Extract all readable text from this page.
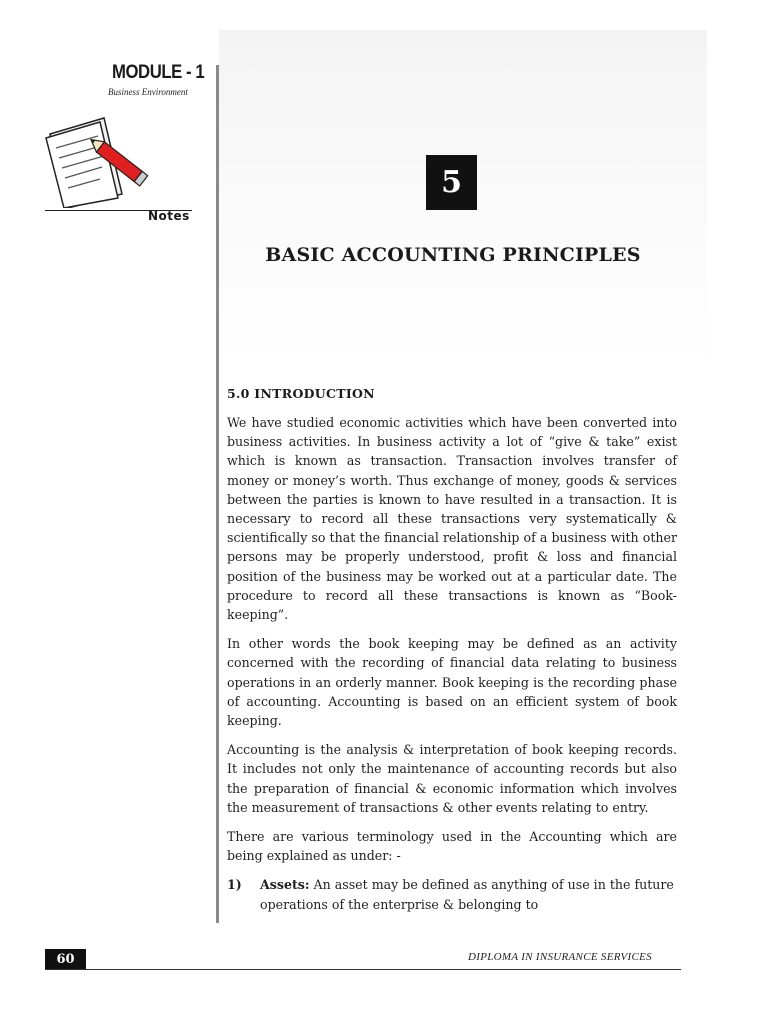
MODULE - 1
Business Environment
Notes
5
BASIC ACCOUNTING PRINCIPLES
5.0 INTRODUCTION

We have studied economic activities which have been converted into business activities. In business activity a lot of “give & take” exist which is known as transaction. Transaction involves transfer of money or money’s worth. Thus exchange of money, goods & services between the parties is known to have resulted in a transaction. It is necessary to record all these transactions very systematically & scientifically so that the financial relationship of a business with other persons may be properly understood, profit & loss and financial position of the business may be worked out at a particular date. The procedure to record all these transactions is known as “Book-keeping”.

In other words the book keeping may be defined as an activity concerned with the recording of financial data relating to business operations in an orderly manner. Book keeping is the recording phase of accounting. Accounting is based on an efficient system of book keeping.

Accounting is the analysis & interpretation of book keeping records. It includes not only the maintenance of accounting records but also the preparation of financial & economic information which involves the measurement of transactions & other events relating to entry.

There are various terminology used in the Accounting which are being explained as under: -

1)	Assets: An asset may be defined as anything of use in the future operations of the enterprise & belonging to
60	DIPLOMA IN INSURANCE SERVICES
